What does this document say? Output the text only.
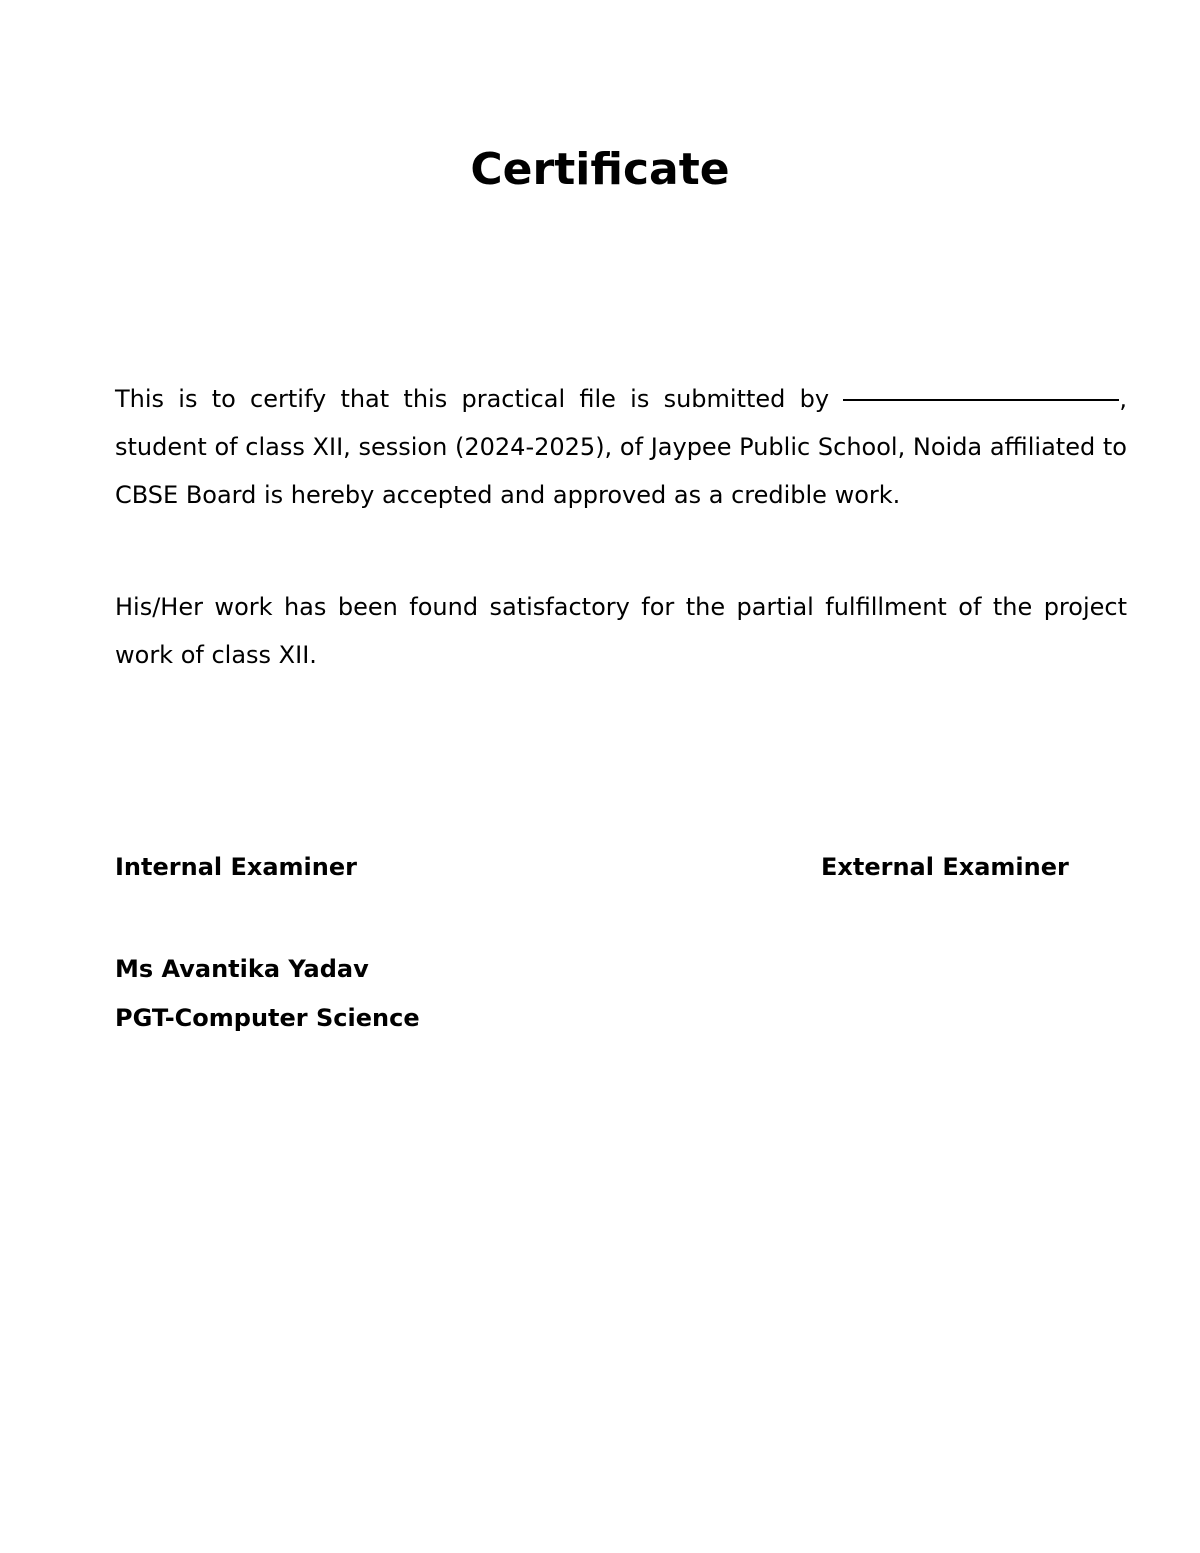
Certificate

This is to certify that this practical file is submitted by	, student of class XII, session (2024-2025), of Jaypee Public School, Noida affiliated to CBSE Board is hereby accepted and approved as a credible work.

His/Her work has been found satisfactory for the partial fulfillment of the project work of class XII.

Internal Examiner	External Examiner

Ms Avantika Yadav

PGT-Computer Science
